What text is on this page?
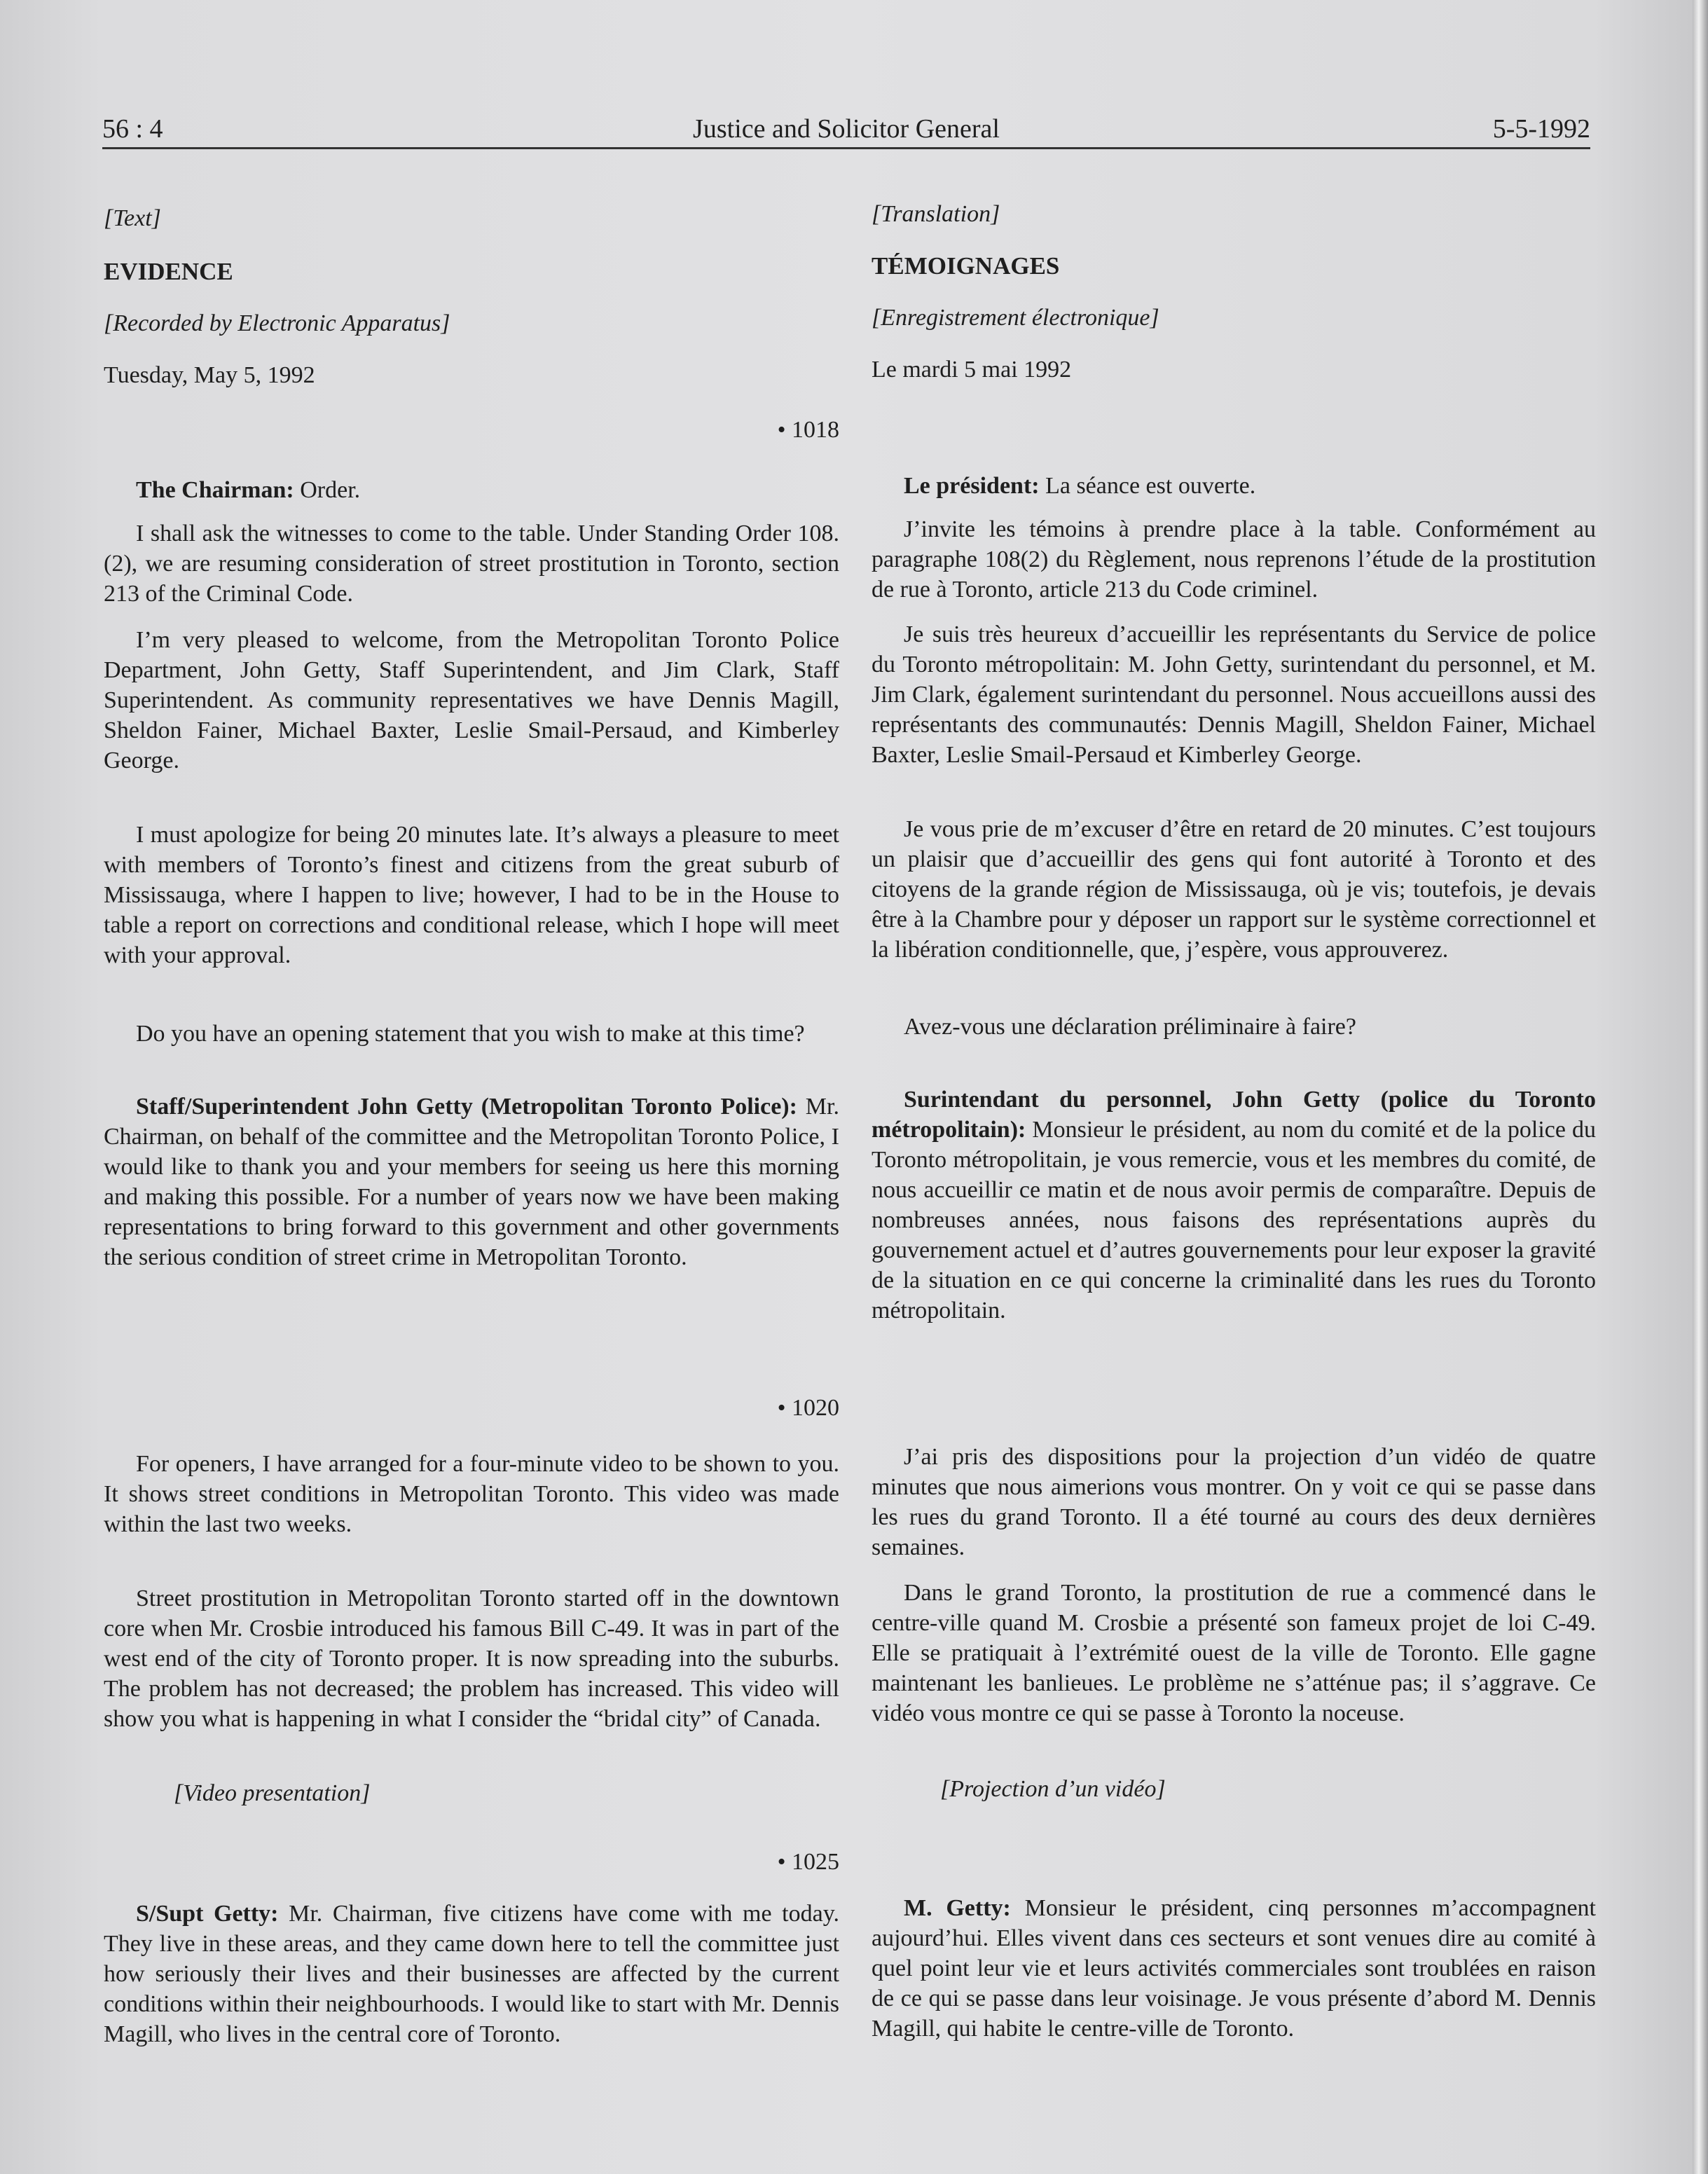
56 : 4	Justice and Solicitor General	5-5-1992

[Text]

EVIDENCE

[Recorded by Electronic Apparatus]

Tuesday, May 5, 1992

• 1018

The Chairman: Order.

I shall ask the witnesses to come to the table. Under Standing Order 108.(2), we are resuming consideration of street prostitution in Toronto, section 213 of the Criminal Code.

I’m very pleased to welcome, from the Metropolitan Toronto Police Department, John Getty, Staff Superintendent, and Jim Clark, Staff Superintendent. As community representatives we have Dennis Magill, Sheldon Fainer, Michael Baxter, Leslie Smail-Persaud, and Kimberley George.

I must apologize for being 20 minutes late. It’s always a pleasure to meet with members of Toronto’s finest and citizens from the great suburb of Mississauga, where I happen to live; however, I had to be in the House to table a report on corrections and conditional release, which I hope will meet with your approval.

Do you have an opening statement that you wish to make at this time?

Staff/Superintendent John Getty (Metropolitan Toronto Police): Mr. Chairman, on behalf of the committee and the Metropolitan Toronto Police, I would like to thank you and your members for seeing us here this morning and making this possible. For a number of years now we have been making representations to bring forward to this government and other governments the serious condition of street crime in Metropolitan Toronto.

• 1020

For openers, I have arranged for a four-minute video to be shown to you. It shows street conditions in Metropolitan Toronto. This video was made within the last two weeks.

Street prostitution in Metropolitan Toronto started off in the downtown core when Mr. Crosbie introduced his famous Bill C-49. It was in part of the west end of the city of Toronto proper. It is now spreading into the suburbs. The problem has not decreased; the problem has increased. This video will show you what is happening in what I consider the “bridal city” of Canada.

[Video presentation]

• 1025

S/Supt Getty: Mr. Chairman, five citizens have come with me today. They live in these areas, and they came down here to tell the committee just how seriously their lives and their businesses are affected by the current conditions within their neighbourhoods. I would like to start with Mr. Dennis Magill, who lives in the central core of Toronto.

[Translation]

TÉMOIGNAGES

[Enregistrement électronique]

Le mardi 5 mai 1992

Le président: La séance est ouverte.

J’invite les témoins à prendre place à la table. Conformément au paragraphe 108(2) du Règlement, nous reprenons l’étude de la prostitution de rue à Toronto, article 213 du Code criminel.

Je suis très heureux d’accueillir les représentants du Service de police du Toronto métropolitain: M. John Getty, surintendant du personnel, et M. Jim Clark, également surintendant du personnel. Nous accueillons aussi des représentants des communautés: Dennis Magill, Sheldon Fainer, Michael Baxter, Leslie Smail-Persaud et Kimberley George.

Je vous prie de m’excuser d’être en retard de 20 minutes. C’est toujours un plaisir que d’accueillir des gens qui font autorité à Toronto et des citoyens de la grande région de Mississauga, où je vis; toutefois, je devais être à la Chambre pour y déposer un rapport sur le système correctionnel et la libération conditionnelle, que, j’espère, vous approuverez.

Avez-vous une déclaration préliminaire à faire?

Surintendant du personnel, John Getty (police du Toronto métropolitain): Monsieur le président, au nom du comité et de la police du Toronto métropolitain, je vous remercie, vous et les membres du comité, de nous accueillir ce matin et de nous avoir permis de comparaître. Depuis de nombreuses années, nous faisons des représentations auprès du gouvernement actuel et d’autres gouvernements pour leur exposer la gravité de la situation en ce qui concerne la criminalité dans les rues du Toronto métropolitain.

J’ai pris des dispositions pour la projection d’un vidéo de quatre minutes que nous aimerions vous montrer. On y voit ce qui se passe dans les rues du grand Toronto. Il a été tourné au cours des deux dernières semaines.

Dans le grand Toronto, la prostitution de rue a commencé dans le centre-ville quand M. Crosbie a présenté son fameux projet de loi C-49. Elle se pratiquait à l’extrémité ouest de la ville de Toronto. Elle gagne maintenant les banlieues. Le problème ne s’atténue pas; il s’aggrave. Ce vidéo vous montre ce qui se passe à Toronto la noceuse.

[Projection d’un vidéo]

M. Getty: Monsieur le président, cinq personnes m’accompagnent aujourd’hui. Elles vivent dans ces secteurs et sont venues dire au comité à quel point leur vie et leurs activités commerciales sont troublées en raison de ce qui se passe dans leur voisinage. Je vous présente d’abord M. Dennis Magill, qui habite le centre-ville de Toronto.
